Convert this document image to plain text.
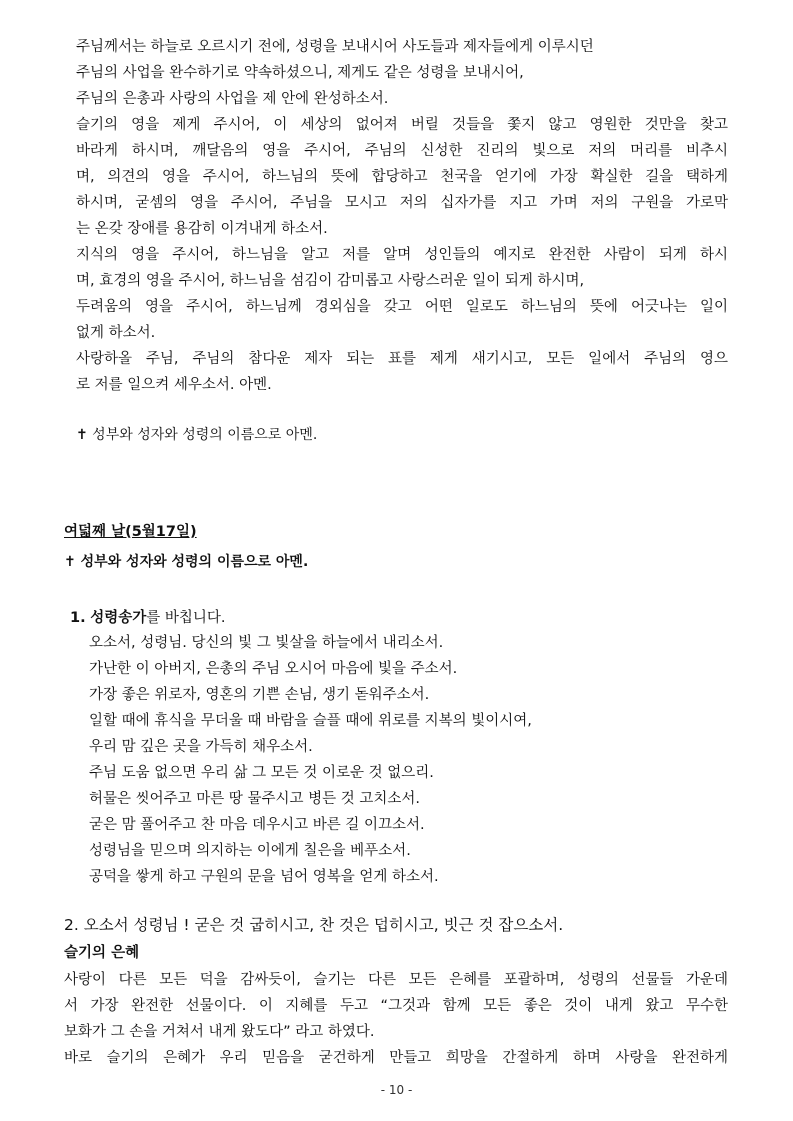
주님께서는 하늘로 오르시기 전에, 성령을 보내시어 사도들과 제자들에게 이루시던
주님의 사업을 완수하기로 약속하셨으니, 제게도 같은 성령을 보내시어,
주님의 은총과 사랑의 사업을 제 안에 완성하소서.
슬기의 영을 제게 주시어, 이 세상의 없어져 버릴 것들을 쫓지 않고 영원한 것만을 찾고
바라게 하시며, 깨달음의 영을 주시어, 주님의 신성한 진리의 빛으로 저의 머리를 비추시
며, 의견의 영을 주시어, 하느님의 뜻에 합당하고 천국을 얻기에 가장 확실한 길을 택하게
하시며, 굳셈의 영을 주시어, 주님을 모시고 저의 십자가를 지고 가며 저의 구원을 가로막
는 온갖 장애를 용감히 이겨내게 하소서.
지식의 영을 주시어, 하느님을 알고 저를 알며 성인들의 예지로 완전한 사람이 되게 하시
며, 효경의 영을 주시어, 하느님을 섬김이 감미롭고 사랑스러운 일이 되게 하시며,
두려움의 영을 주시어, 하느님께 경외심을 갖고 어떤 일로도 하느님의 뜻에 어긋나는 일이
없게 하소서.
사랑하올 주님, 주님의 참다운 제자 되는 표를 제게 새기시고, 모든 일에서 주님의 영으
로 저를 일으켜 세우소서. 아멘.
✝ 성부와 성자와 성령의 이름으로 아멘.
여덟째 날(5월17일)
✝ 성부와 성자와 성령의 이름으로 아멘.
1. 성령송가를 바칩니다.
오소서, 성령님. 당신의 빛 그 빛살을 하늘에서 내리소서.
가난한 이 아버지, 은총의 주님 오시어 마음에 빛을 주소서.
가장 좋은 위로자, 영혼의 기쁜 손님, 생기 돋워주소서.
일할 때에 휴식을 무더울 때 바람을 슬플 때에 위로를 지복의 빛이시여,
우리 맘 깊은 곳을 가득히 채우소서.
주님 도움 없으면 우리 삶 그 모든 것 이로운 것 없으리.
허물은 씻어주고 마른 땅 물주시고 병든 것 고치소서.
굳은 맘 풀어주고 찬 마음 데우시고 바른 길 이끄소서.
성령님을 믿으며 의지하는 이에게 칠은을 베푸소서.
공덕을 쌓게 하고 구원의 문을 넘어 영복을 얻게 하소서.
2. 오소서 성령님 ! 굳은 것 굽히시고, 찬 것은 덥히시고, 빗근 것 잡으소서.
슬기의 은혜
사랑이 다른 모든 덕을 감싸듯이, 슬기는 다른 모든 은혜를 포괄하며, 성령의 선물들 가운데
서 가장 완전한 선물이다. 이 지혜를 두고 “그것과 함께 모든 좋은 것이 내게 왔고 무수한
보화가 그 손을 거쳐서 내게 왔도다” 라고 하였다.
바로 슬기의 은혜가 우리 믿음을 굳건하게 만들고 희망을 간절하게 하며 사랑을 완전하게
- 10 -
